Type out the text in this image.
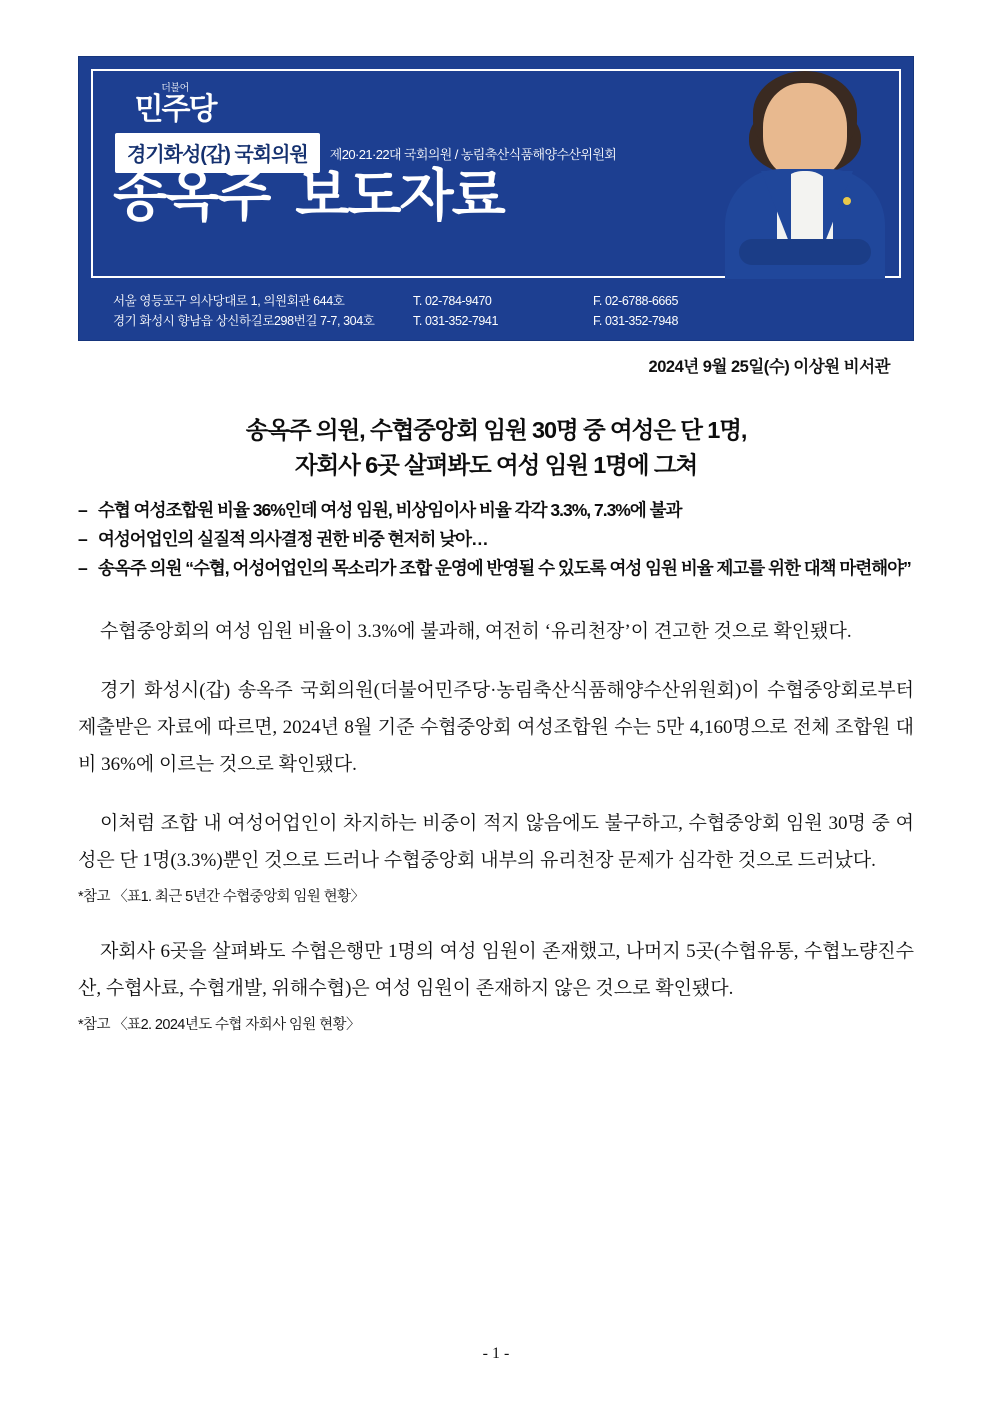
더불어
민주당
경기화성(갑) 국회의원	제20·21·22대 국회의원 / 농림축산식품해양수산위원회
송옥주 보도자료
서울 영등포구 의사당대로 1, 의원회관 644호	T. 02-784-9470	F. 02-6788-6665
경기 화성시 향남읍 상신하길로298번길 7-7, 304호	T. 031-352-7941	F. 031-352-7948
2024년 9월 25일(수) 이상원 비서관
송옥주 의원, 수협중앙회 임원 30명 중 여성은 단 1명,
자회사 6곳 살펴봐도 여성 임원 1명에 그쳐
– 수협 여성조합원 비율 36%인데 여성 임원, 비상임이사 비율 각각 3.3%, 7.3%에 불과
– 여성어업인의 실질적 의사결정 권한 비중 현저히 낮아…
– 송옥주 의원 “수협, 어성어업인의 목소리가 조합 운영에 반영될 수 있도록 여성 임원 비율 제고를 위한 대책 마련해야”

수협중앙회의 여성 임원 비율이 3.3%에 불과해, 여전히 ‘유리천장’이 견고한 것으로 확인됐다.

경기 화성시(갑) 송옥주 국회의원(더불어민주당·농림축산식품해양수산위원회)이 수협중앙회로부터 제출받은 자료에 따르면, 2024년 8월 기준 수협중앙회 여성조합원 수는 5만 4,160명으로 전체 조합원 대비 36%에 이르는 것으로 확인됐다.

이처럼 조합 내 여성어업인이 차지하는 비중이 적지 않음에도 불구하고, 수협중앙회 임원 30명 중 여성은 단 1명(3.3%)뿐인 것으로 드러나 수협중앙회 내부의 유리천장 문제가 심각한 것으로 드러났다.

*참고 〈표1. 최근 5년간 수협중앙회 임원 현황〉

자회사 6곳을 살펴봐도 수협은행만 1명의 여성 임원이 존재했고, 나머지 5곳(수협유통, 수협노량진수산, 수협사료, 수협개발, 위해수협)은 여성 임원이 존재하지 않은 것으로 확인됐다.

*참고 〈표2. 2024년도 수협 자회사 임원 현황〉
- 1 -
